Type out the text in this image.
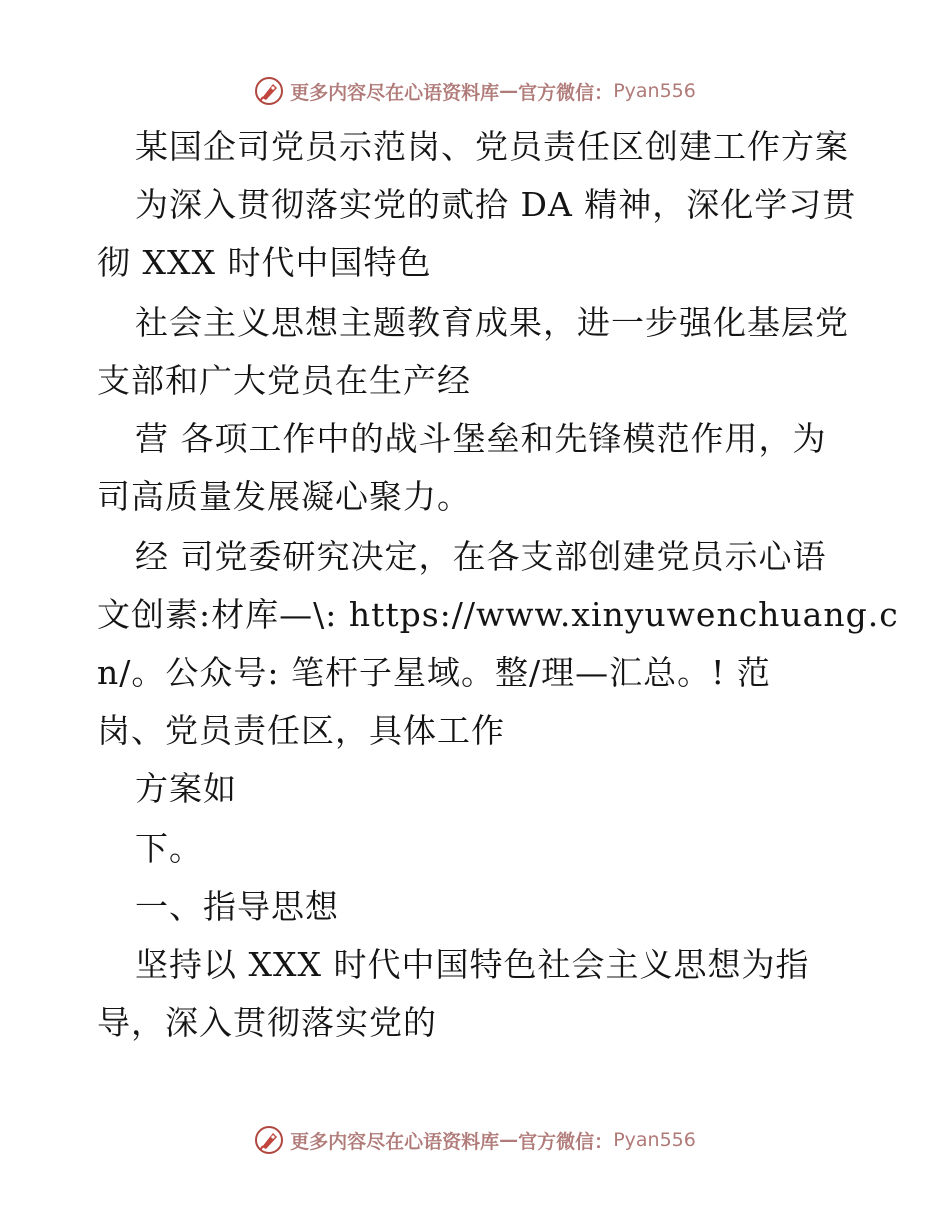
更多内容尽在心语资料库 — 官方微信： Pyan556
某国企司党员示范岗、党员责任区创建工作方案
为深入贯彻落实党的贰拾 DA 精神，深化学习贯
彻 XXX 时代中国特色
社会主义思想主题教育成果，进一步强化基层党
支部和广大党员在生产经
营 各项工作中的战斗堡垒和先锋模范作用，为
司高质量发展凝心聚力。
经 司党委研究决定，在各支部创建党员示心语
文创素:材库—\: https://www.xinyuwenchuang.c
n/。公众号: 笔杆子星域。整/理—汇总。! 范
岗、党员责任区，具体工作
方案如
下。
一、指导思想
坚持以 XXX 时代中国特色社会主义思想为指
导，深入贯彻落实党的
更多内容尽在心语资料库 — 官方微信： Pyan556
